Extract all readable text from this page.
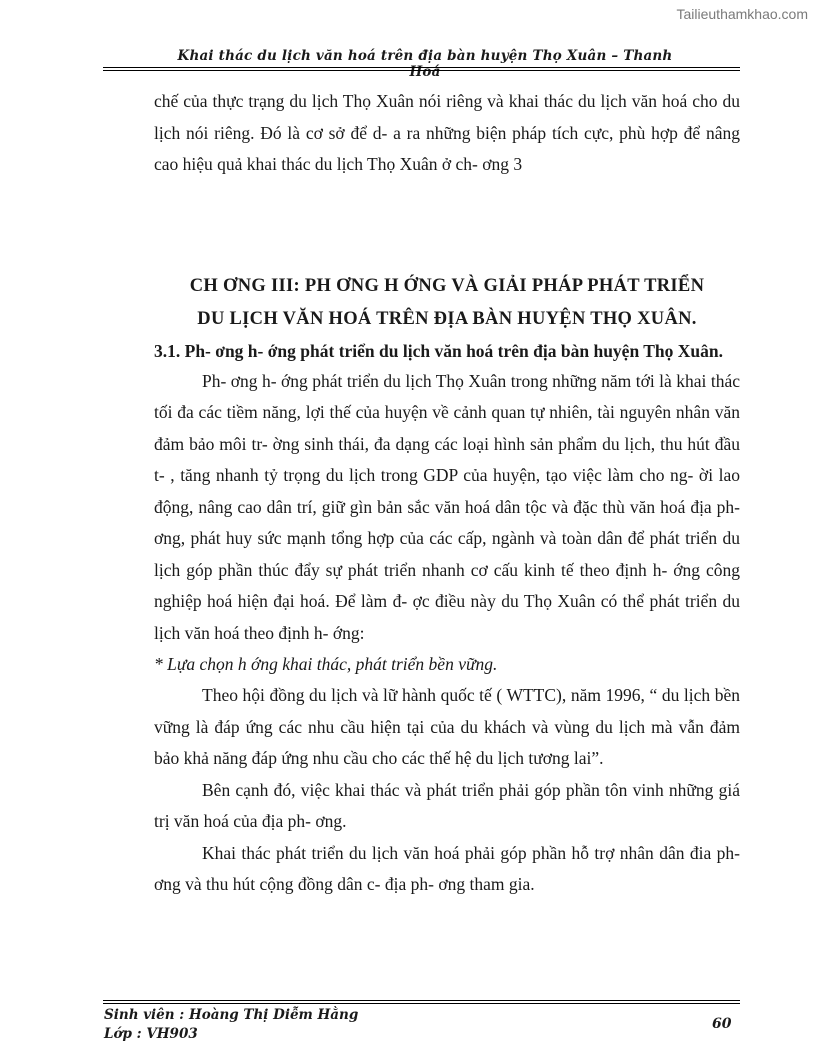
Tailieuthamkhao.com
Khai thác du lịch văn hoá trên địa bàn huyện Thọ Xuân – Thanh Hoá

chế của thực trạng du lịch Thọ Xuân nói riêng và khai thác du lịch văn hoá cho du lịch nói riêng. Đó là cơ sở để d- a ra những biện pháp tích cực, phù hợp để nâng cao hiệu quả khai thác du lịch Thọ Xuân ở ch- ơng 3

CH ƠNG III: PH ƠNG H ỚNG VÀ GIẢI PHÁP PHÁT TRIỂN
DU LỊCH VĂN HOÁ TRÊN ĐỊA BÀN HUYỆN THỌ XUÂN.

3.1. Ph- ơng h- ớng phát triển du lịch văn hoá trên địa bàn huyện Thọ Xuân.

Ph- ơng h- ớng phát triển du lịch Thọ Xuân trong những năm tới là khai thác tối đa các tiềm năng, lợi thế của huyện về cảnh quan tự nhiên, tài nguyên nhân văn đảm bảo môi tr- ờng sinh thái, đa dạng các loại hình sản phẩm du lịch, thu hút đầu t- , tăng nhanh tỷ trọng du lịch trong GDP của huyện, tạo việc làm cho ng- ời lao động, nâng cao dân trí, giữ gìn bản sắc văn hoá dân tộc và đặc thù văn hoá địa ph- ơng, phát huy sức mạnh tổng hợp của các cấp, ngành và toàn dân để phát triển du lịch góp phần thúc đẩy sự phát triển nhanh cơ cấu kinh tế theo định h- ớng công nghiệp hoá hiện đại hoá. Để làm đ- ợc điều này du Thọ Xuân có thể phát triển du lịch văn hoá theo định h- ớng:

* Lựa chọn h ớng khai thác, phát triển bền vững.

Theo hội đồng du lịch và lữ hành quốc tế ( WTTC), năm 1996, “ du lịch bền vững là đáp ứng các nhu cầu hiện tại của du khách và vùng du lịch mà vẫn đảm bảo khả năng đáp ứng nhu cầu cho các thế hệ du lịch tương lai”.

Bên cạnh đó, việc khai thác và phát triển phải góp phần tôn vinh những giá trị văn hoá của địa ph- ơng.

Khai thác phát triển du lịch văn hoá phải góp phần hỗ trợ nhân dân đia ph- ơng và thu hút cộng đồng dân c- địa ph- ơng tham gia.

Sinh viên : Hoàng Thị Diễm Hằng
Lớp : VH903
60
